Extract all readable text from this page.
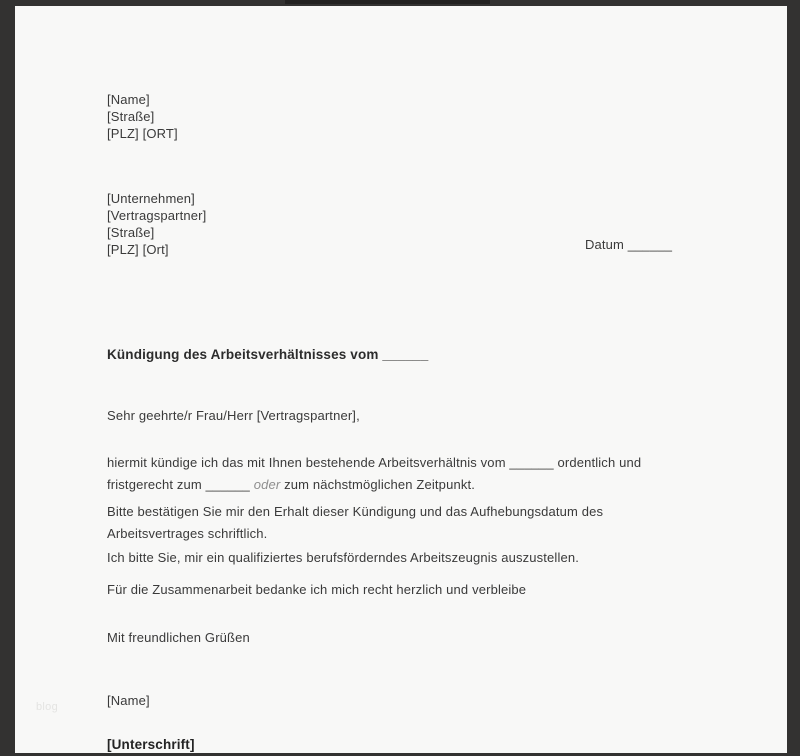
[Name]
[Straße]
[PLZ] [ORT]
[Unternehmen]
[Vertragspartner]
[Straße]
[PLZ] [Ort]	Datum ______
Kündigung des Arbeitsverhältnisses vom ______
Sehr geehrte/r Frau/Herr [Vertragspartner],
hiermit kündige ich das mit Ihnen bestehende Arbeitsverhältnis vom ______ ordentlich und
fristgerecht zum ______ oder zum nächstmöglichen Zeitpunkt.
Bitte bestätigen Sie mir den Erhalt dieser Kündigung und das Aufhebungsdatum des
Arbeitsvertrages schriftlich.
Ich bitte Sie, mir ein qualifiziertes berufsförderndes Arbeitszeugnis auszustellen.
Für die Zusammenarbeit bedanke ich mich recht herzlich und verbleibe
Mit freundlichen Grüßen
[Name]
[Unterschrift]
blog
